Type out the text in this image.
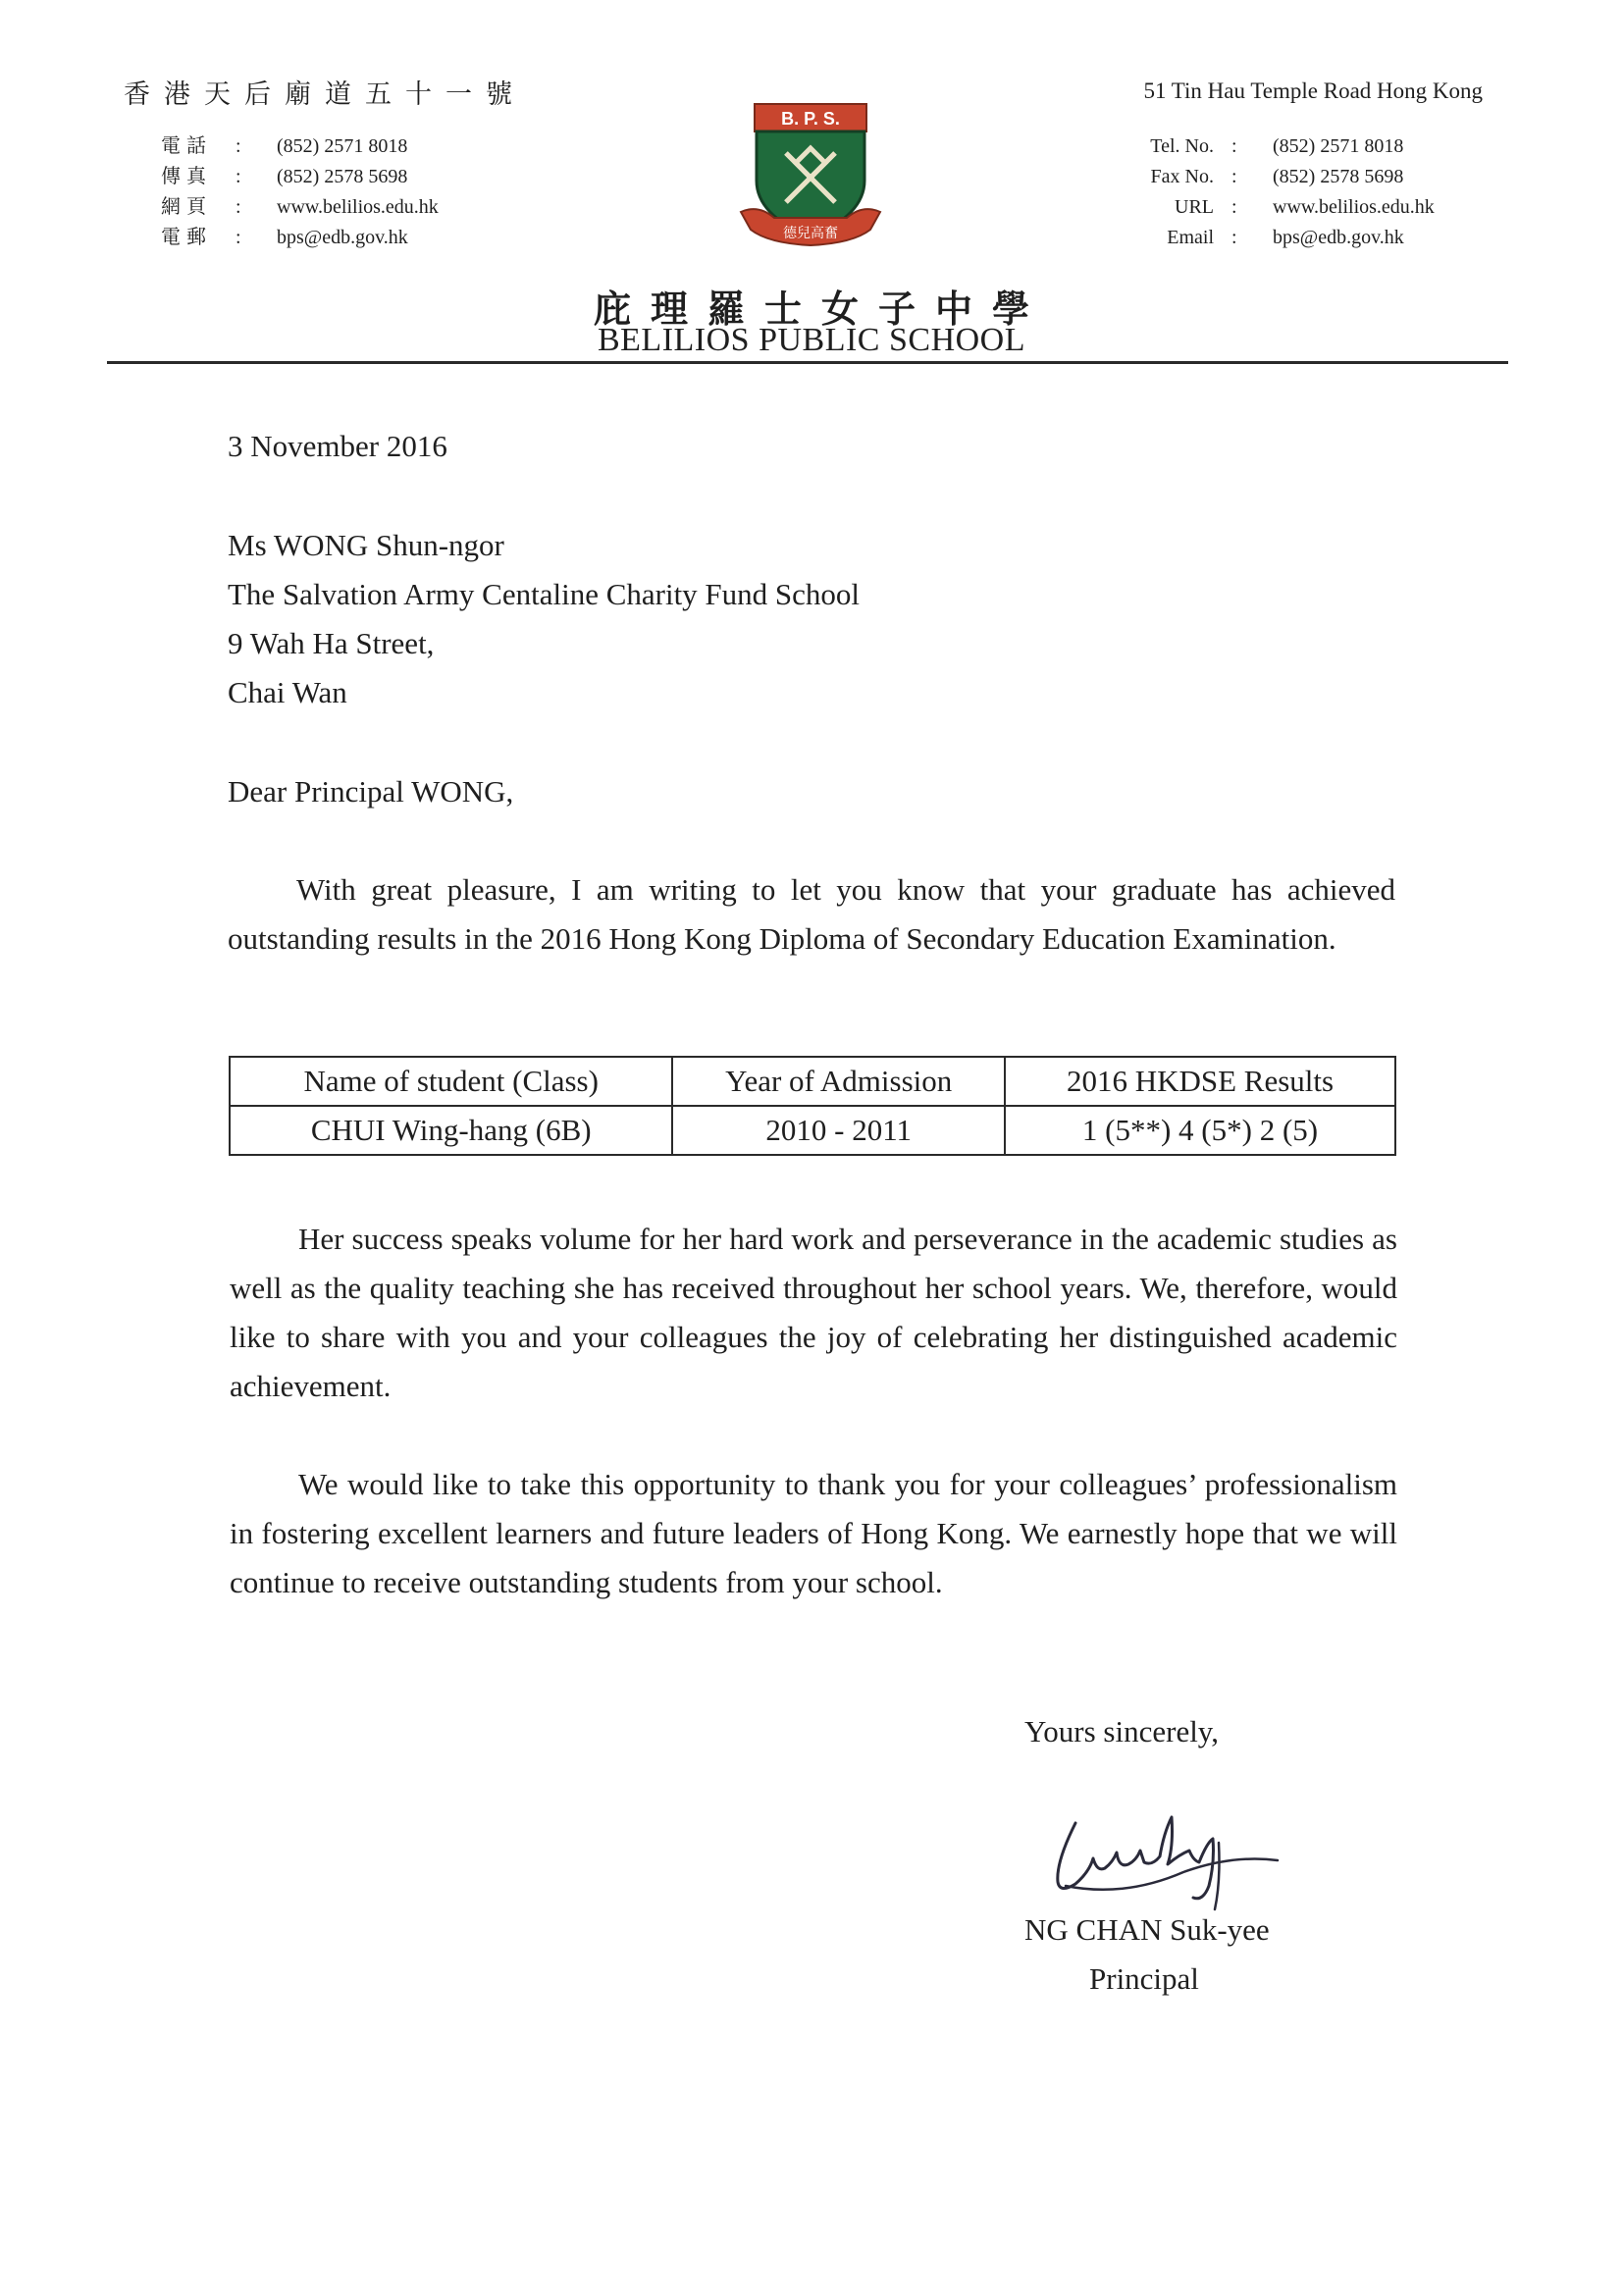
香港天后廟道五十一號
電話	:	(852) 2571 8018
傳真	:	(852) 2578 5698
網頁	:	www.belilios.edu.hk
電郵	:	bps@edb.gov.hk
B. P. S.
德兒高奮
51 Tin Hau Temple Road Hong Kong
Tel. No. :	(852) 2571 8018
Fax No. :	(852) 2578 5698
URL :	www.belilios.edu.hk
Email :	bps@edb.gov.hk
庇理羅士女子中學
BELILIOS PUBLIC SCHOOL
3 November 2016
Ms WONG Shun-ngor
The Salvation Army Centaline Charity Fund School
9 Wah Ha Street,
Chai Wan
Dear Principal WONG,
With great pleasure, I am writing to let you know that your graduate has achieved outstanding results in the 2016 Hong Kong Diploma of Secondary Education Examination.
Name of student (Class)	Year of Admission	2016 HKDSE Results
CHUI Wing-hang (6B)	2010 - 2011	1 (5**) 4 (5*) 2 (5)
Her success speaks volume for her hard work and perseverance in the academic studies as well as the quality teaching she has received throughout her school years. We, therefore, would like to share with you and your colleagues the joy of celebrating her distinguished academic achievement.
We would like to take this opportunity to thank you for your colleagues’ professionalism in fostering excellent learners and future leaders of Hong Kong. We earnestly hope that we will continue to receive outstanding students from your school.
Yours sincerely,
NG CHAN Suk-yee
Principal
